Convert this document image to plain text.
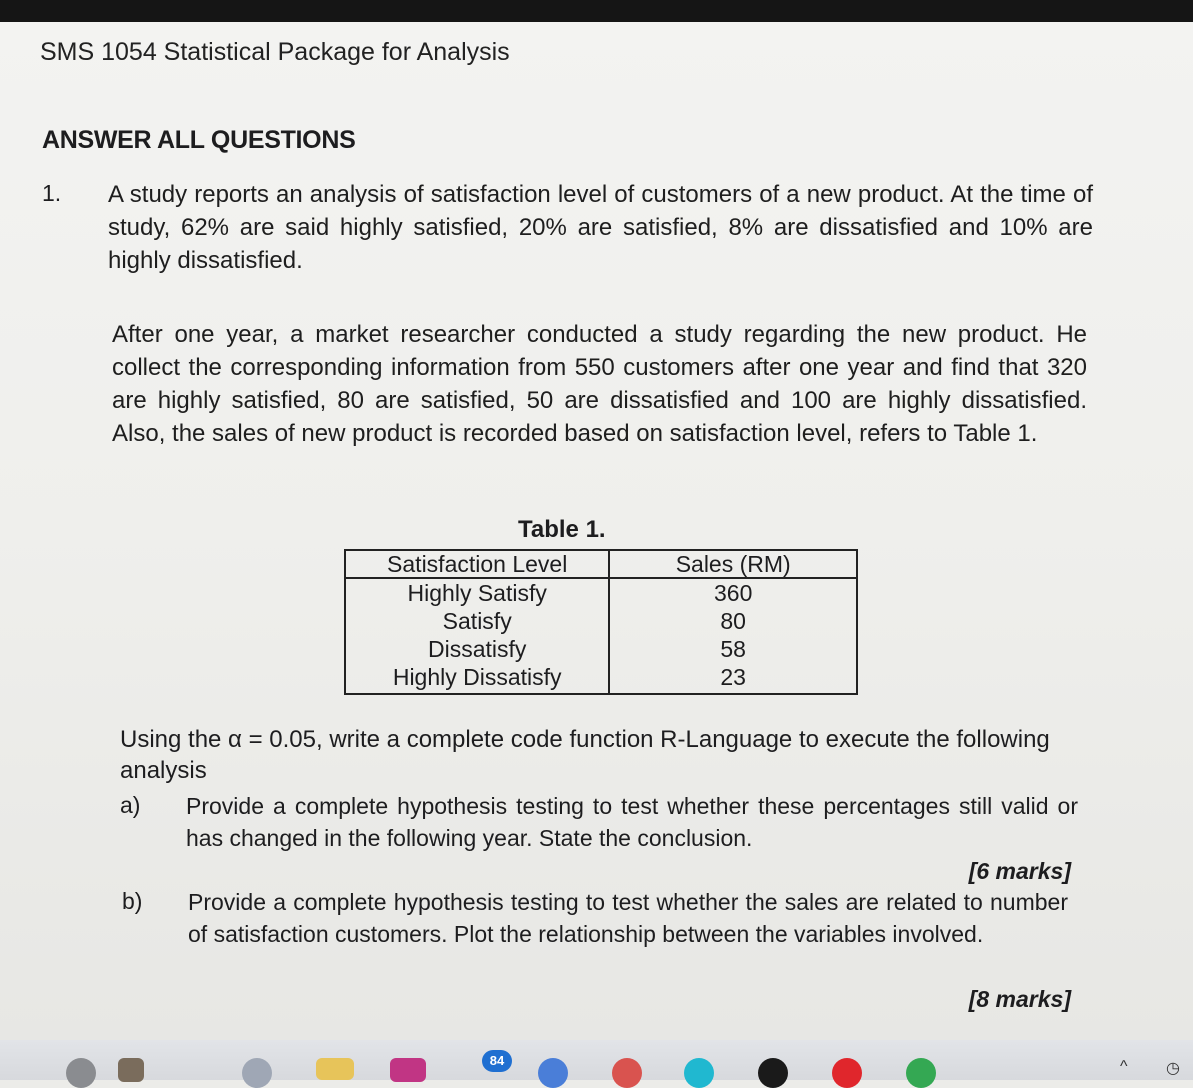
SMS 1054 Statistical Package for Analysis
ANSWER ALL QUESTIONS
1. A study reports an analysis of satisfaction level of customers of a new product. At the time of study, 62% are said highly satisfied, 20% are satisfied, 8% are dissatisfied and 10% are highly dissatisfied.
After one year, a market researcher conducted a study regarding the new product. He collect the corresponding information from 550 customers after one year and find that 320 are highly satisfied, 80 are satisfied, 50 are dissatisfied and 100 are highly dissatisfied. Also, the sales of new product is recorded based on satisfaction level, refers to Table 1.
Table 1.
Satisfaction Level	Sales (RM)
Highly Satisfy	360
Satisfy	80
Dissatisfy	58
Highly Dissatisfy	23
Using the α = 0.05, write a complete code function R-Language to execute the following analysis
a) Provide a complete hypothesis testing to test whether these percentages still valid or has changed in the following year. State the conclusion.
[6 marks]
b) Provide a complete hypothesis testing to test whether the sales are related to number of satisfaction customers. Plot the relationship between the variables involved.
[8 marks]
84	^ ◷
